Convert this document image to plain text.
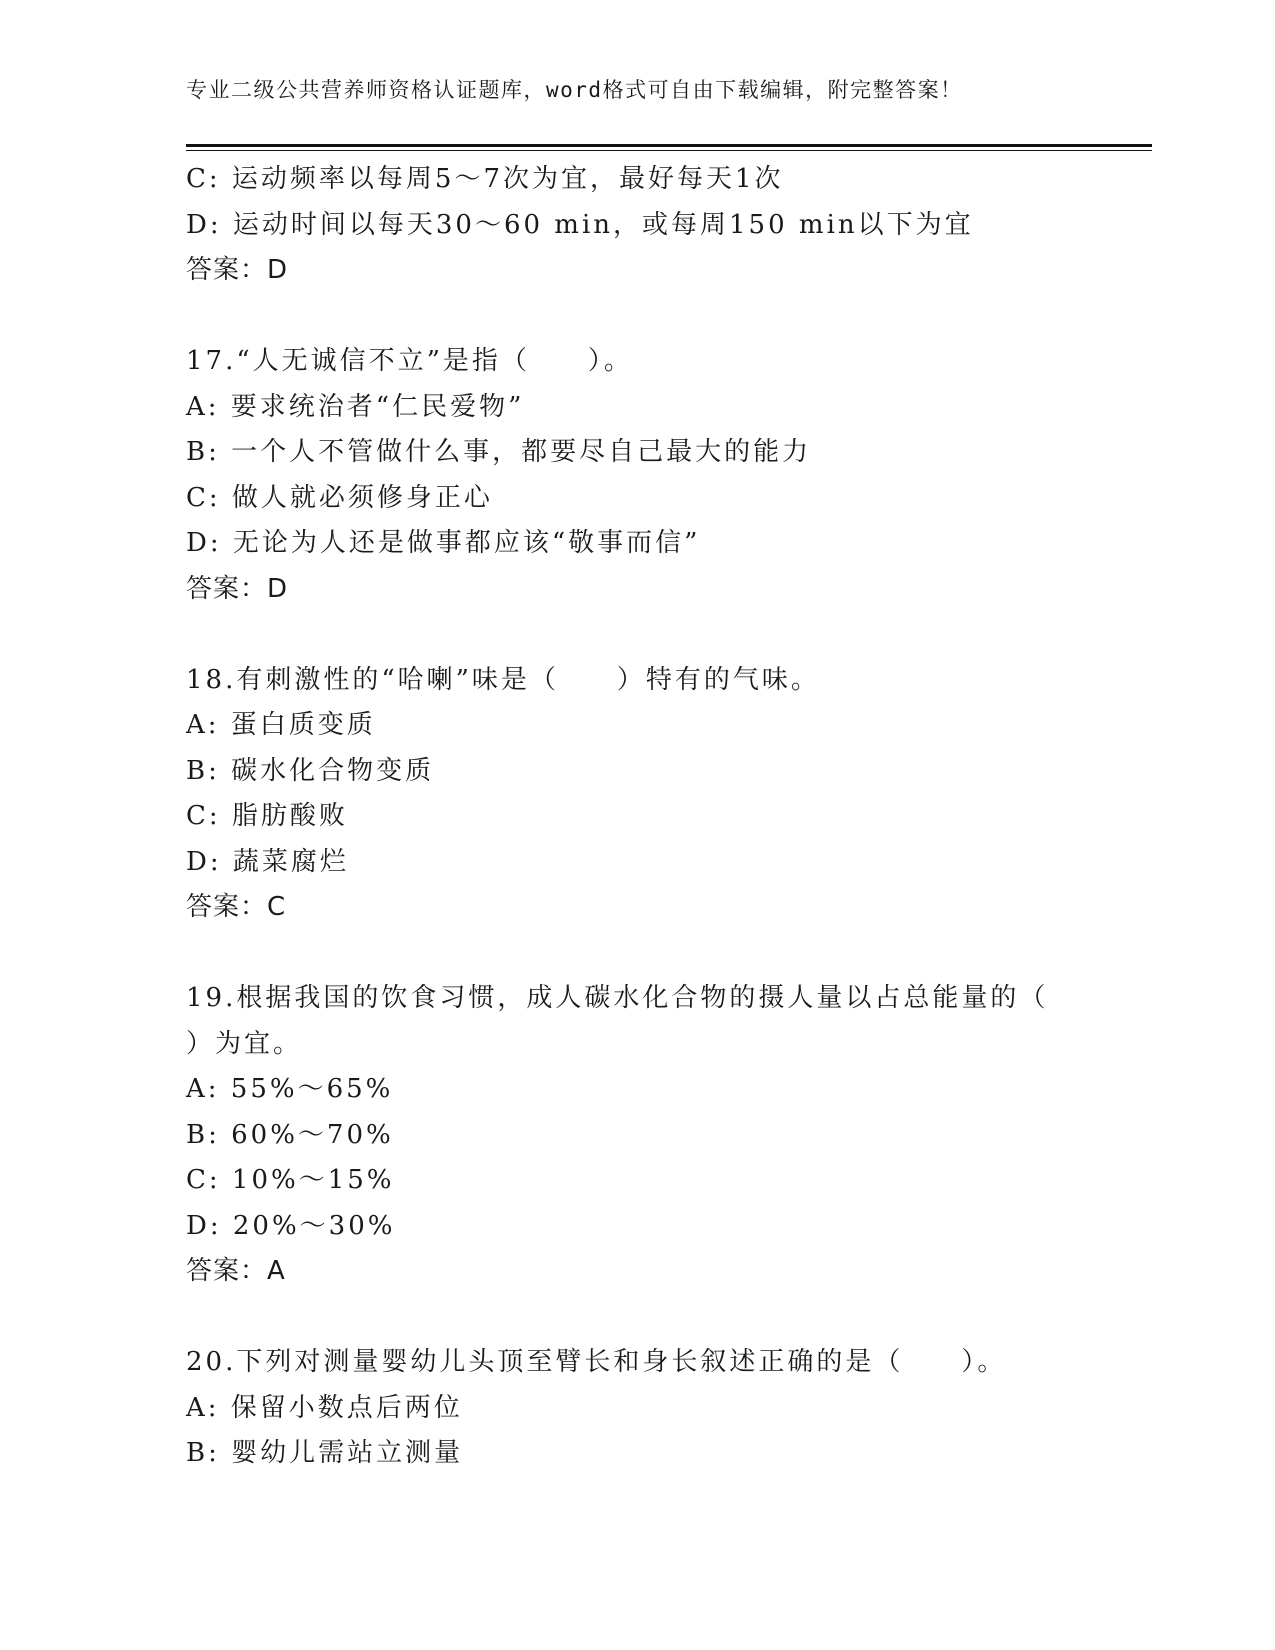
专业二级公共营养师资格认证题库，word格式可自由下载编辑，附完整答案！
C: 运动频率以每周5～7次为宜，最好每天1次
D: 运动时间以每天30～60 min，或每周150 min以下为宜
答案：D
17.“人无诚信不立”是指（　　）。
A: 要求统治者“仁民爱物”
B: 一个人不管做什么事，都要尽自己最大的能力
C: 做人就必须修身正心
D: 无论为人还是做事都应该“敬事而信”
答案：D
18.有刺激性的“哈喇”味是（　　）特有的气味。
A: 蛋白质变质
B: 碳水化合物变质
C: 脂肪酸败
D: 蔬菜腐烂
答案：C
19.根据我国的饮食习惯，成人碳水化合物的摄人量以占总能量的（
）为宜。
A: 55%～65%
B: 60%～70%
C: 10%～15%
D: 20%～30%
答案：A
20.下列对测量婴幼儿头顶至臂长和身长叙述正确的是（　　）。
A: 保留小数点后两位
B: 婴幼儿需站立测量
